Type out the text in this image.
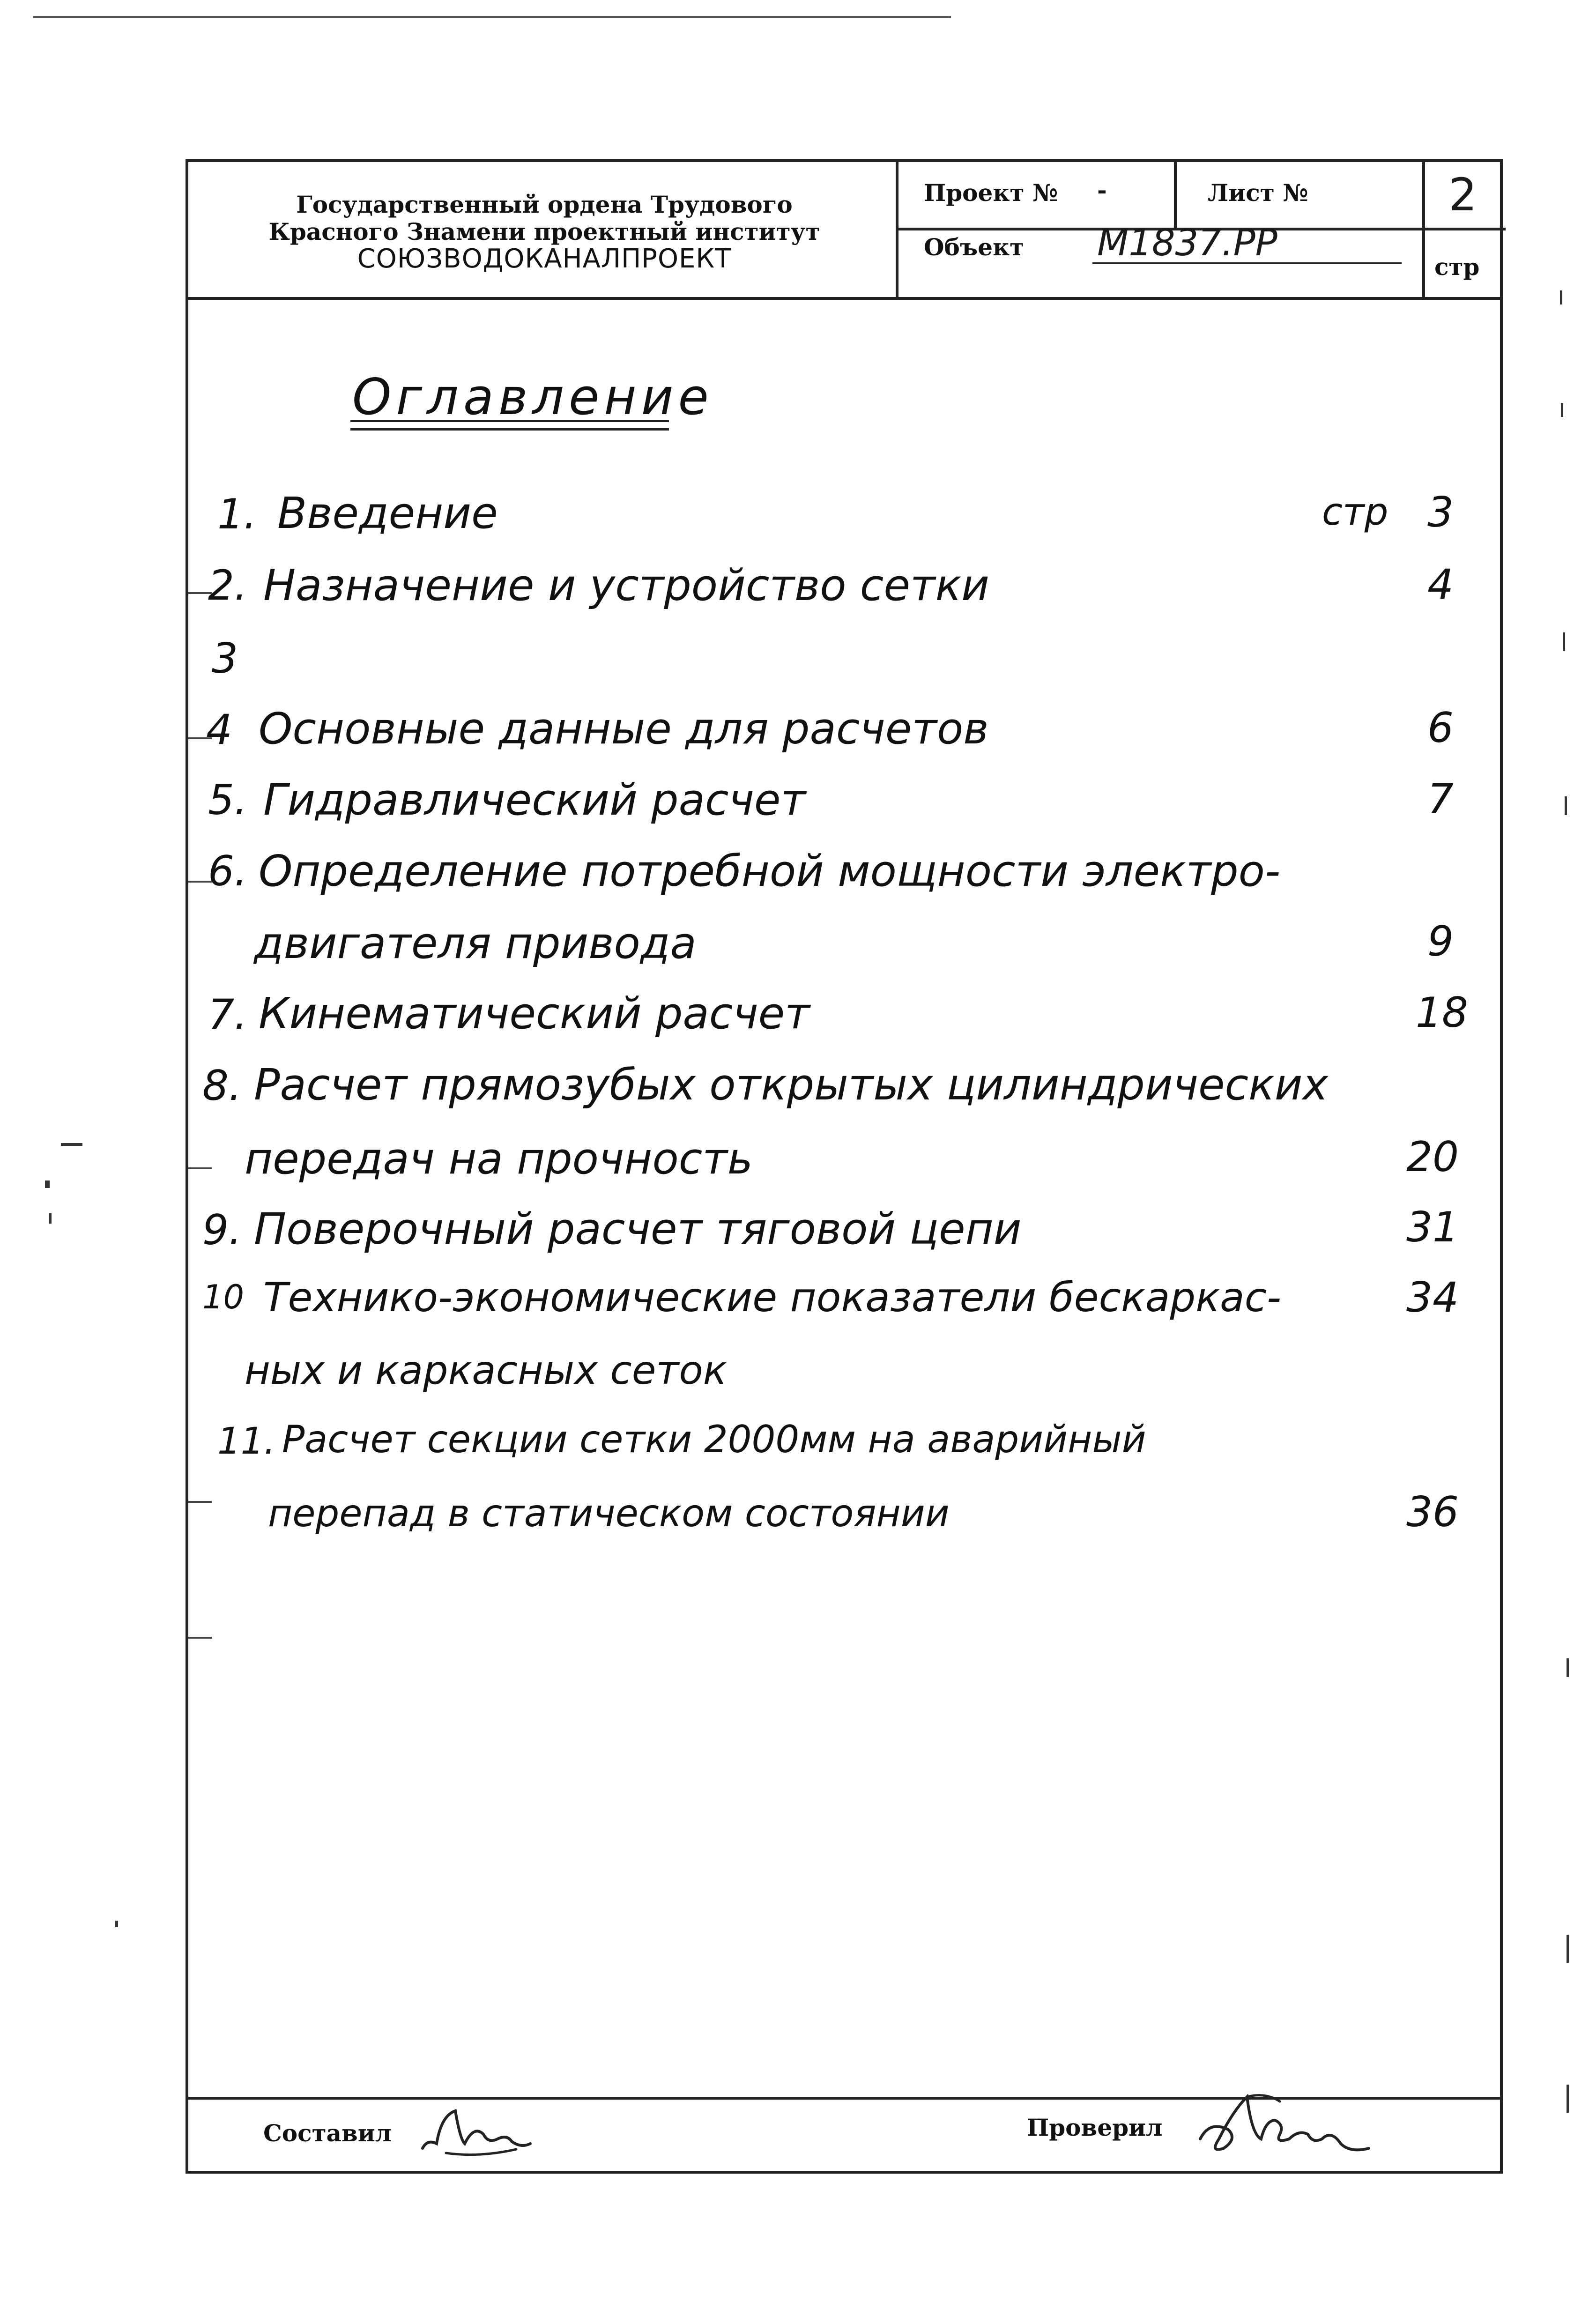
Государственный ордена Трудового
Красного Знамени проектный институт
СОЮЗВОДОКАНАЛПРОЕКТ
Проект № -	Лист №	2
Объект М1837.РР
стр
Оглавление
стр
1. Введение	3
2. Назначение и устройство сетки	4
3
4 Основные данные для расчетов	6
5. Гидравлический расчет	7
6. Определение потребной мощности электро-
двигателя привода	9
7. Кинематический расчет	18
8. Расчет прямозубых открытых цилиндрических
передач на прочность	20
9. Поверочный расчет тяговой цепи	31
10 Технико-экономические показатели бескаркас-	34
ных и каркасных сеток
11. Расчет секции сетки 2000мм на аварийный
перепад в статическом состоянии	36
Составил	Проверил
